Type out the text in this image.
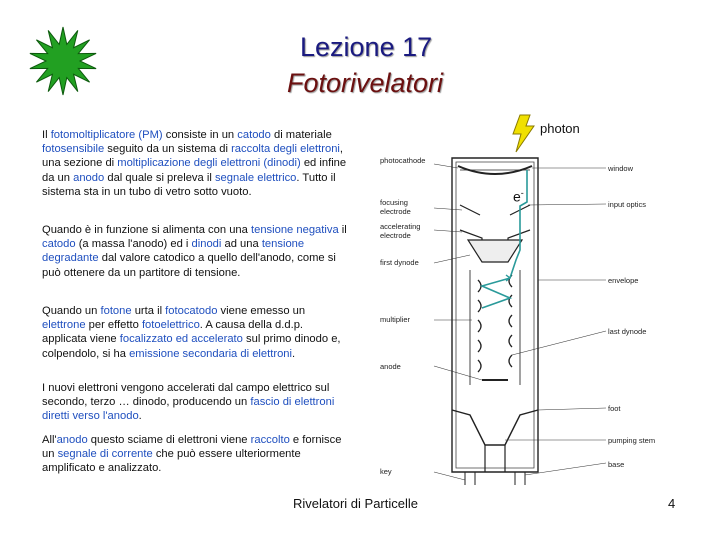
Lezione 17
Fotorivelatori
Il fotomoltiplicatore (PM) consiste in un catodo di materiale fotosensibile seguito da un sistema di raccolta degli elettroni, una sezione di moltiplicazione degli elettroni (dinodi) ed infine da un anodo dal quale si preleva il segnale elettrico. Tutto il sistema sta in un tubo di vetro sotto vuoto.
Quando è in funzione si alimenta con una tensione negativa il catodo (a massa l'anodo) ed i dinodi ad una tensione degradante dal valore catodico a quello dell'anodo, come si può ottenere da un partitore di tensione.
Quando un fotone urta il fotocatodo viene emesso un elettrone per effetto fotoelettrico. A causa della d.d.p. applicata viene focalizzato ed accelerato sul primo dinodo e, colpendolo, si ha emissione secondaria di elettroni.
I nuovi elettroni vengono accelerati dal campo elettrico sul secondo, terzo … dinodo, producendo un fascio di elettroni diretti verso l'anodo.
All'anodo questo sciame di elettroni viene raccolto e fornisce un segnale di corrente che può essere ulteriormente amplificato e analizzato.
photocathode
focusing electrode
accelerating electrode
first dynode
multiplier
anode
key
window
input optics
envelope
last dynode
foot
pumping stem
base
photon
e-
Rivelatori di Particelle	4
